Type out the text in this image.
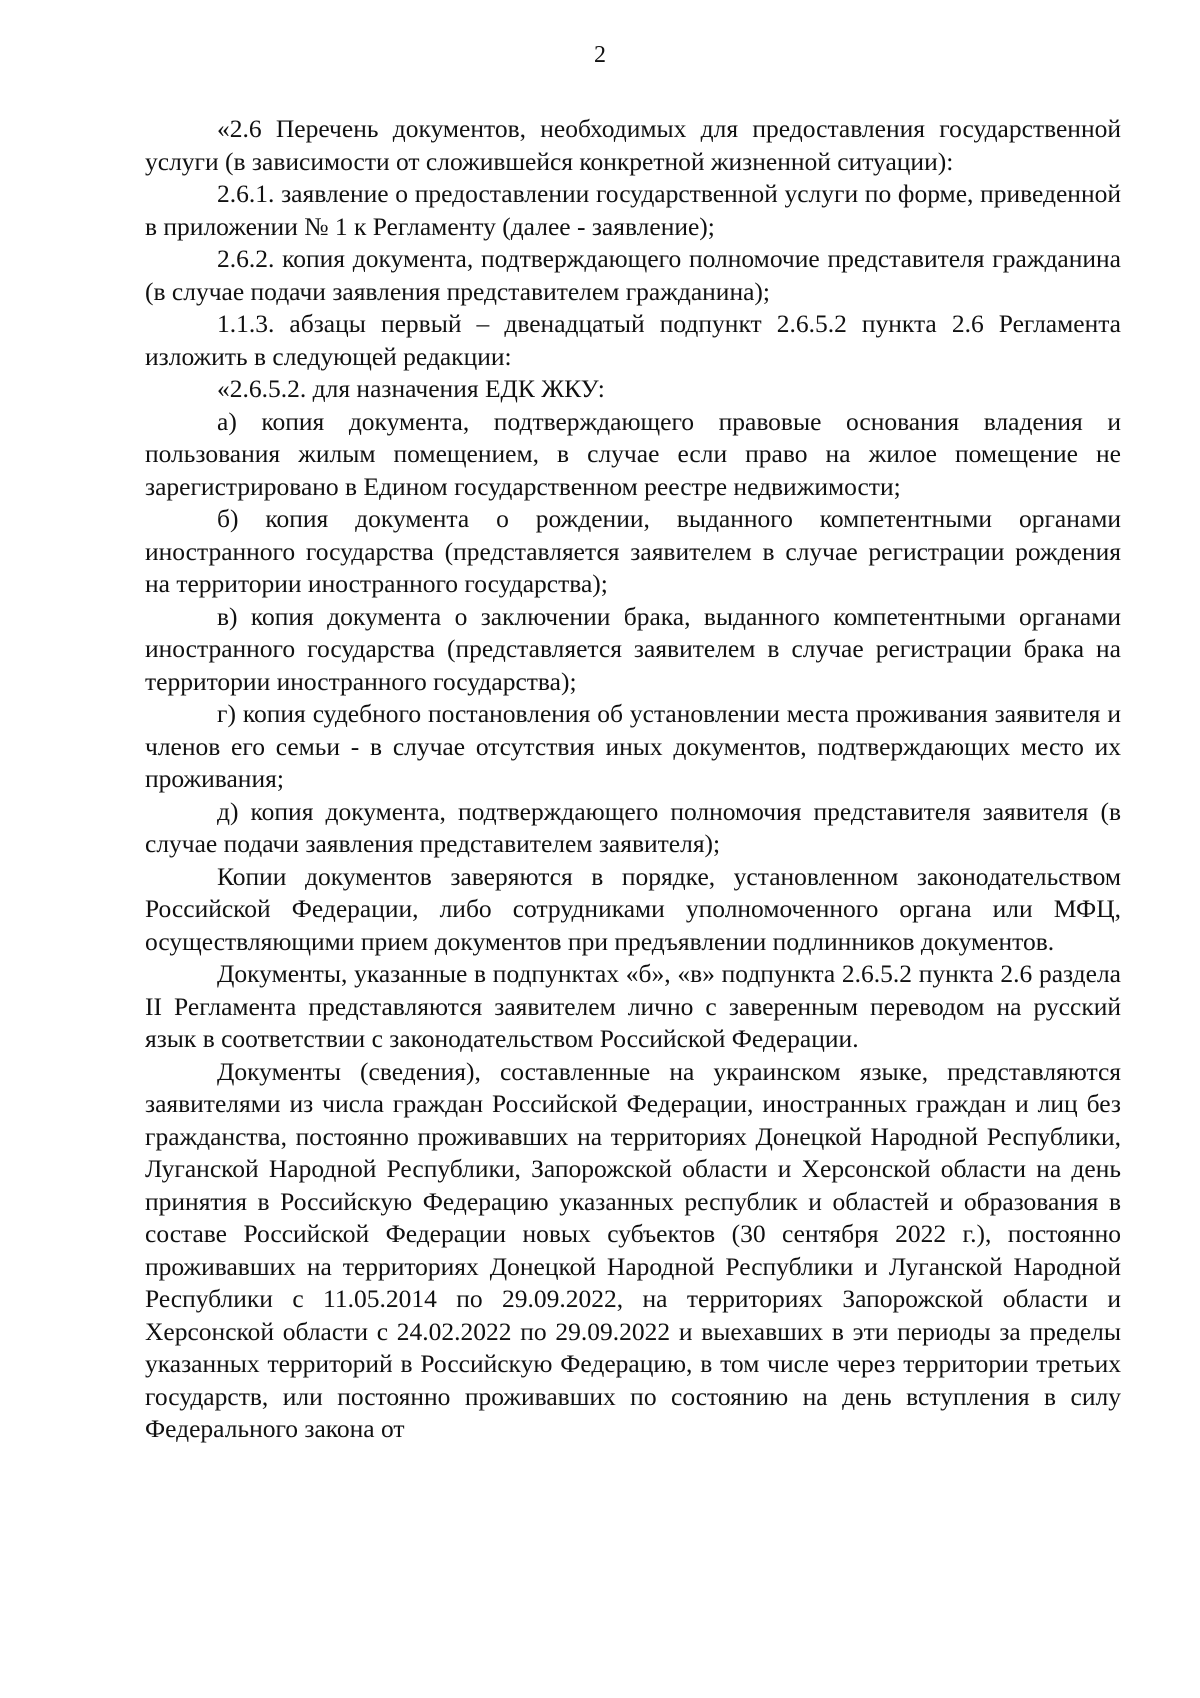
2

«2.6 Перечень документов, необходимых для предоставления государственной услуги (в зависимости от сложившейся конкретной жизненной ситуации):

2.6.1. заявление о предоставлении государственной услуги по форме, приведенной в приложении № 1 к Регламенту (далее - заявление);

2.6.2. копия документа, подтверждающего полномочие представителя гражданина (в случае подачи заявления представителем гражданина);

1.1.3. абзацы первый – двенадцатый подпункт 2.6.5.2 пункта 2.6 Регламента изложить в следующей редакции:

«2.6.5.2. для назначения ЕДК ЖКУ:

а) копия документа, подтверждающего правовые основания владения и пользования жилым помещением, в случае если право на жилое помещение не зарегистрировано в Едином государственном реестре недвижимости;

б) копия документа о рождении, выданного компетентными органами иностранного государства (представляется заявителем в случае регистрации рождения на территории иностранного государства);

в) копия документа о заключении брака, выданного компетентными органами иностранного государства (представляется заявителем в случае регистрации брака на территории иностранного государства);

г) копия судебного постановления об установлении места проживания заявителя и членов его семьи - в случае отсутствия иных документов, подтверждающих место их проживания;

д) копия документа, подтверждающего полномочия представителя заявителя (в случае подачи заявления представителем заявителя);

Копии документов заверяются в порядке, установленном законодательством Российской Федерации, либо сотрудниками уполномоченного органа или МФЦ, осуществляющими прием документов при предъявлении подлинников документов.

Документы, указанные в подпунктах «б», «в» подпункта 2.6.5.2 пункта 2.6 раздела II Регламента представляются заявителем лично с заверенным переводом на русский язык в соответствии с законодательством Российской Федерации.

Документы (сведения), составленные на украинском языке, представляются заявителями из числа граждан Российской Федерации, иностранных граждан и лиц без гражданства, постоянно проживавших на территориях Донецкой Народной Республики, Луганской Народной Республики, Запорожской области и Херсонской области на день принятия в Российскую Федерацию указанных республик и областей и образования в составе Российской Федерации новых субъектов (30 сентября 2022 г.), постоянно проживавших на территориях Донецкой Народной Республики и Луганской Народной Республики с 11.05.2014 по 29.09.2022, на территориях Запорожской области и Херсонской области с 24.02.2022 по 29.09.2022 и выехавших в эти периоды за пределы указанных территорий в Российскую Федерацию, в том числе через территории третьих государств, или постоянно проживавших по состоянию на день вступления в силу Федерального закона от
